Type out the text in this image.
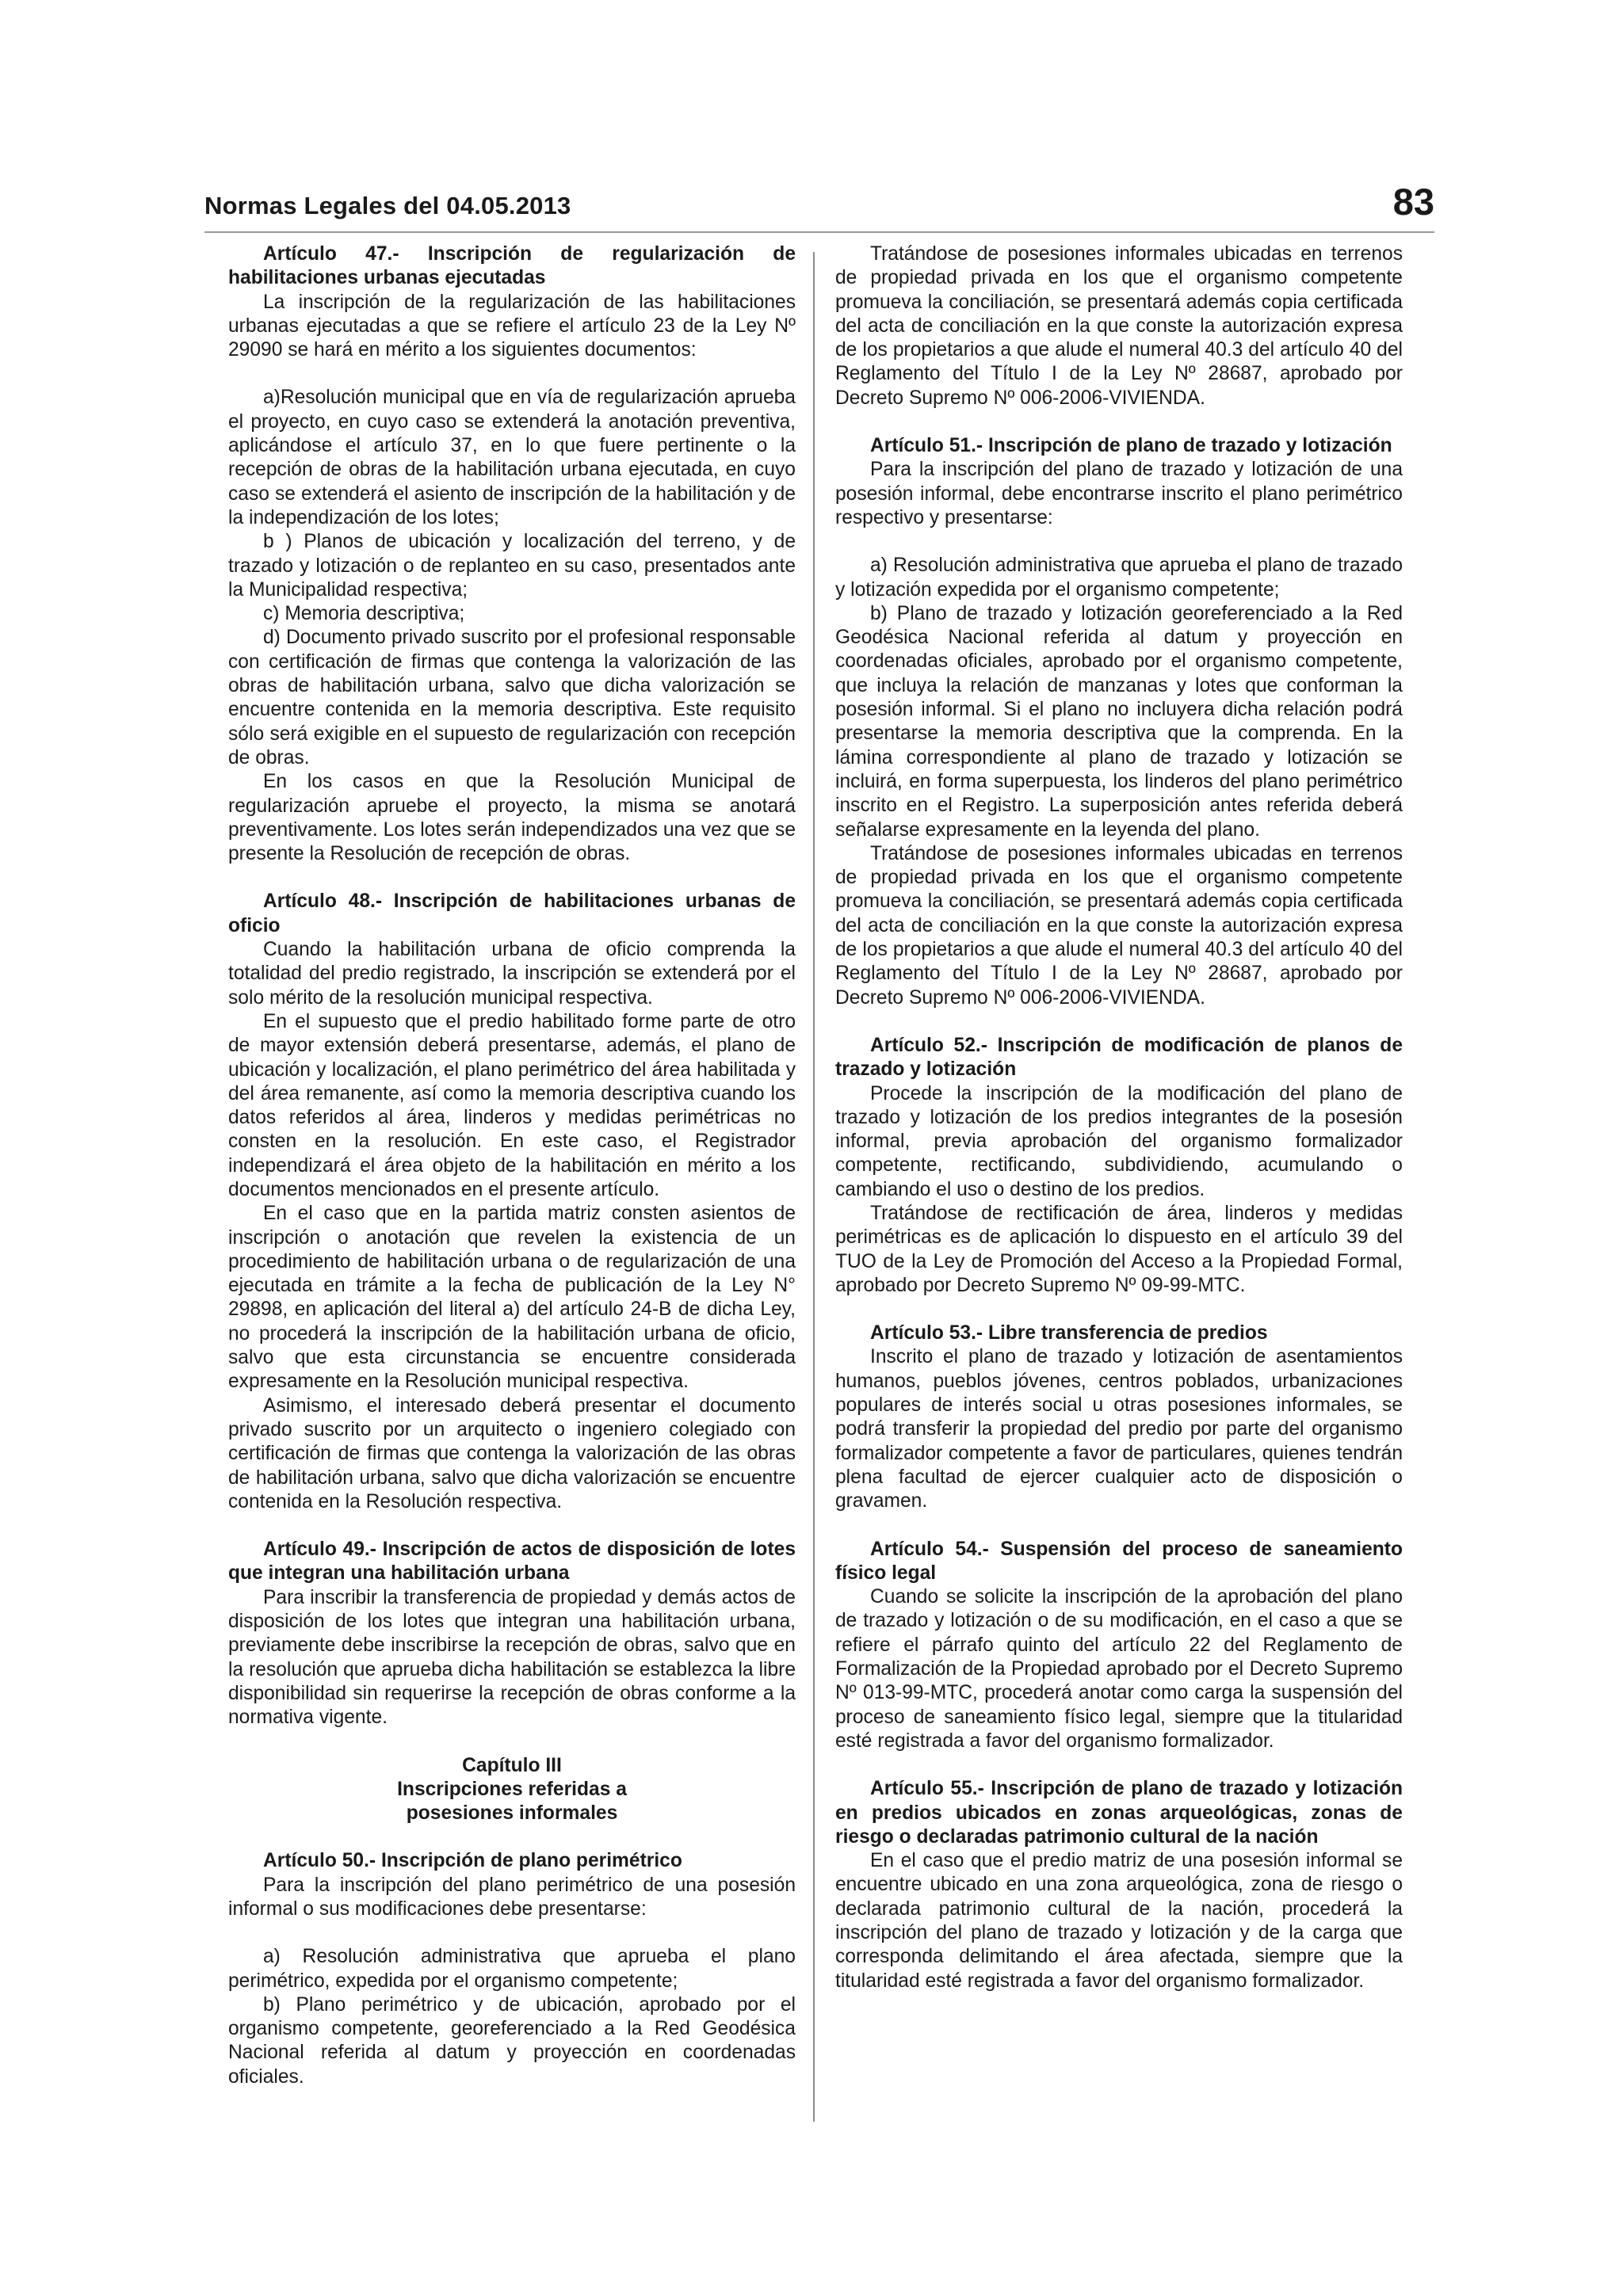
Normas Legales del 04.05.2013	83
Artículo 47.- Inscripción de regularización de habilitaciones urbanas ejecutadas
La inscripción de la regularización de las habilitaciones urbanas ejecutadas a que se refiere el artículo 23 de la Ley Nº 29090 se hará en mérito a los siguientes documentos:
a)Resolución municipal que en vía de regularización aprueba el proyecto, en cuyo caso se extenderá la anotación preventiva, aplicándose el artículo 37, en lo que fuere pertinente o la recepción de obras de la habilitación urbana ejecutada, en cuyo caso se extenderá el asiento de inscripción de la habilitación y de la independización de los lotes;
b ) Planos de ubicación y localización del terreno, y de trazado y lotización o de replanteo en su caso, presentados ante la Municipalidad respectiva;
c) Memoria descriptiva;
d) Documento privado suscrito por el profesional responsable con certificación de firmas que contenga la valorización de las obras de habilitación urbana, salvo que dicha valorización se encuentre contenida en la memoria descriptiva. Este requisito sólo será exigible en el supuesto de regularización con recepción de obras.
En los casos en que la Resolución Municipal de regularización apruebe el proyecto, la misma se anotará preventivamente. Los lotes serán independizados una vez que se presente la Resolución de recepción de obras.
Artículo 48.- Inscripción de habilitaciones urbanas de oficio
Cuando la habilitación urbana de oficio comprenda la totalidad del predio registrado, la inscripción se extenderá por el solo mérito de la resolución municipal respectiva.
En el supuesto que el predio habilitado forme parte de otro de mayor extensión deberá presentarse, además, el plano de ubicación y localización, el plano perimétrico del área habilitada y del área remanente, así como la memoria descriptiva cuando los datos referidos al área, linderos y medidas perimétricas no consten en la resolución. En este caso, el Registrador independizará el área objeto de la habilitación en mérito a los documentos mencionados en el presente artículo.
En el caso que en la partida matriz consten asientos de inscripción o anotación que revelen la existencia de un procedimiento de habilitación urbana o de regularización de una ejecutada en trámite a la fecha de publicación de la Ley N° 29898, en aplicación del literal a) del artículo 24-B de dicha Ley, no procederá la inscripción de la habilitación urbana de oficio, salvo que esta circunstancia se encuentre considerada expresamente en la Resolución municipal respectiva.
Asimismo, el interesado deberá presentar el documento privado suscrito por un arquitecto o ingeniero colegiado con certificación de firmas que contenga la valorización de las obras de habilitación urbana, salvo que dicha valorización se encuentre contenida en la Resolución respectiva.
Artículo 49.- Inscripción de actos de disposición de lotes que integran una habilitación urbana
Para inscribir la transferencia de propiedad y demás actos de disposición de los lotes que integran una habilitación urbana, previamente debe inscribirse la recepción de obras, salvo que en la resolución que aprueba dicha habilitación se establezca la libre disponibilidad sin requerirse la recepción de obras conforme a la normativa vigente.
Capítulo III
Inscripciones referidas a
posesiones informales
Artículo 50.- Inscripción de plano perimétrico
Para la inscripción del plano perimétrico de una posesión informal o sus modificaciones debe presentarse:
a) Resolución administrativa que aprueba el plano perimétrico, expedida por el organismo competente;
b) Plano perimétrico y de ubicación, aprobado por el organismo competente, georeferenciado a la Red Geodésica Nacional referida al datum y proyección en coordenadas oficiales.
Tratándose de posesiones informales ubicadas en terrenos de propiedad privada en los que el organismo competente promueva la conciliación, se presentará además copia certificada del acta de conciliación en la que conste la autorización expresa de los propietarios a que alude el numeral 40.3 del artículo 40 del Reglamento del Título I de la Ley Nº 28687, aprobado por Decreto Supremo Nº 006-2006-VIVIENDA.
Artículo 51.- Inscripción de plano de trazado y lotización
Para la inscripción del plano de trazado y lotización de una posesión informal, debe encontrarse inscrito el plano perimétrico respectivo y presentarse:
a) Resolución administrativa que aprueba el plano de trazado y lotización expedida por el organismo competente;
b) Plano de trazado y lotización georeferenciado a la Red Geodésica Nacional referida al datum y proyección en coordenadas oficiales, aprobado por el organismo competente, que incluya la relación de manzanas y lotes que conforman la posesión informal. Si el plano no incluyera dicha relación podrá presentarse la memoria descriptiva que la comprenda. En la lámina correspondiente al plano de trazado y lotización se incluirá, en forma superpuesta, los linderos del plano perimétrico inscrito en el Registro. La superposición antes referida deberá señalarse expresamente en la leyenda del plano.
Tratándose de posesiones informales ubicadas en terrenos de propiedad privada en los que el organismo competente promueva la conciliación, se presentará además copia certificada del acta de conciliación en la que conste la autorización expresa de los propietarios a que alude el numeral 40.3 del artículo 40 del Reglamento del Título I de la Ley Nº 28687, aprobado por Decreto Supremo Nº 006-2006-VIVIENDA.
Artículo 52.- Inscripción de modificación de planos de trazado y lotización
Procede la inscripción de la modificación del plano de trazado y lotización de los predios integrantes de la posesión informal, previa aprobación del organismo formalizador competente, rectificando, subdividiendo, acumulando o cambiando el uso o destino de los predios.
Tratándose de rectificación de área, linderos y medidas perimétricas es de aplicación lo dispuesto en el artículo 39 del TUO de la Ley de Promoción del Acceso a la Propiedad Formal, aprobado por Decreto Supremo Nº 09-99-MTC.
Artículo 53.- Libre transferencia de predios
Inscrito el plano de trazado y lotización de asentamientos humanos, pueblos jóvenes, centros poblados, urbanizaciones populares de interés social u otras posesiones informales, se podrá transferir la propiedad del predio por parte del organismo formalizador competente a favor de particulares, quienes tendrán plena facultad de ejercer cualquier acto de disposición o gravamen.
Artículo 54.- Suspensión del proceso de saneamiento físico legal
Cuando se solicite la inscripción de la aprobación del plano de trazado y lotización o de su modificación, en el caso a que se refiere el párrafo quinto del artículo 22 del Reglamento de Formalización de la Propiedad aprobado por el Decreto Supremo Nº 013-99-MTC, procederá anotar como carga la suspensión del proceso de saneamiento físico legal, siempre que la titularidad esté registrada a favor del organismo formalizador.
Artículo 55.- Inscripción de plano de trazado y lotización en predios ubicados en zonas arqueológicas, zonas de riesgo o declaradas patrimonio cultural de la nación
En el caso que el predio matriz de una posesión informal se encuentre ubicado en una zona arqueológica, zona de riesgo o declarada patrimonio cultural de la nación, procederá la inscripción del plano de trazado y lotización y de la carga que corresponda delimitando el área afectada, siempre que la titularidad esté registrada a favor del organismo formalizador.
